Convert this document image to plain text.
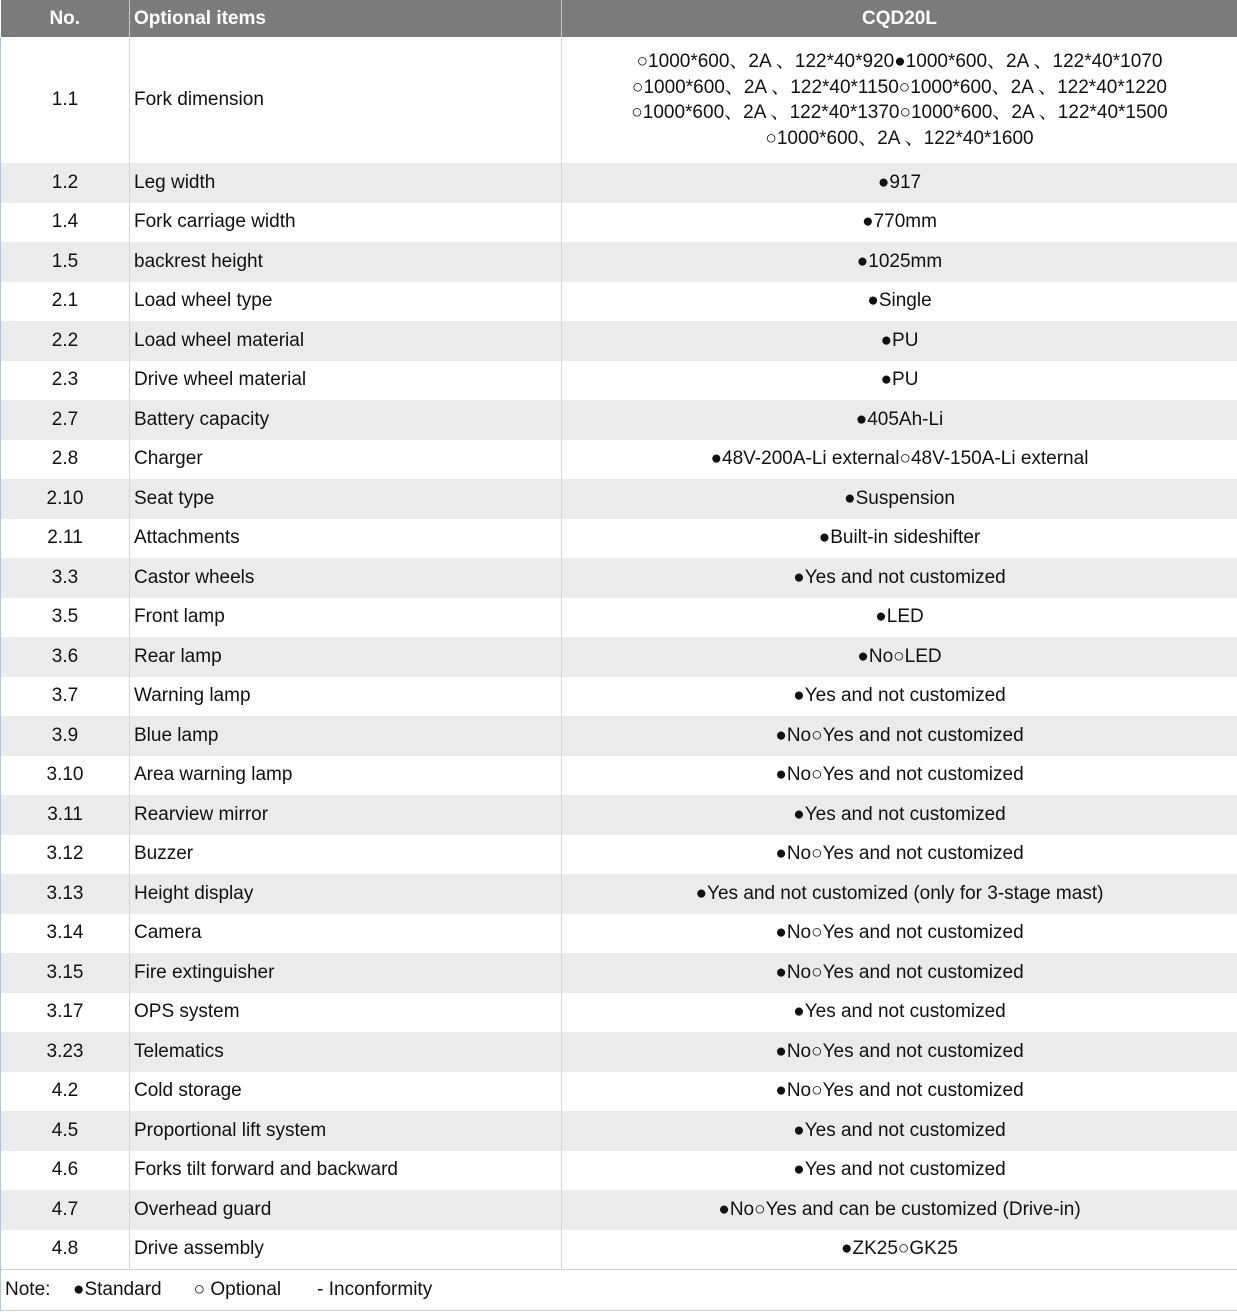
No.	Optional items	CQD20L
1.1	Fork dimension	○1000*600、2A 、122*40*920●1000*600、2A 、122*40*1070
○1000*600、2A 、122*40*1150○1000*600、2A 、122*40*1220
○1000*600、2A 、122*40*1370○1000*600、2A 、122*40*1500
○1000*600、2A 、122*40*1600

1.2	Leg width	●917
1.4	Fork carriage width	●770mm
1.5	backrest height	●1025mm
2.1	Load wheel type	●Single
2.2	Load wheel material	●PU
2.3	Drive wheel material	●PU
2.7	Battery capacity	●405Ah-Li
2.8	Charger	●48V-200A-Li external○48V-150A-Li external
2.10	Seat type	●Suspension
2.11	Attachments	●Built-in sideshifter
3.3	Castor wheels	●Yes and not customized
3.5	Front lamp	●LED
3.6	Rear lamp	●No○LED
3.7	Warning lamp	●Yes and not customized
3.9	Blue lamp	●No○Yes and not customized
3.10	Area warning lamp	●No○Yes and not customized
3.11	Rearview mirror	●Yes and not customized
3.12	Buzzer	●No○Yes and not customized
3.13	Height display	●Yes and not customized (only for 3-stage mast)
3.14	Camera	●No○Yes and not customized
3.15	Fire extinguisher	●No○Yes and not customized
3.17	OPS system	●Yes and not customized
3.23	Telematics	●No○Yes and not customized
4.2	Cold storage	●No○Yes and not customized
4.5	Proportional lift system	●Yes and not customized
4.6	Forks tilt forward and backward	●Yes and not customized
4.7	Overhead guard	●No○Yes and can be customized (Drive-in)
4.8	Drive assembly	●ZK25○GK25
Note: ●Standard ○ Optional - Inconformity		
